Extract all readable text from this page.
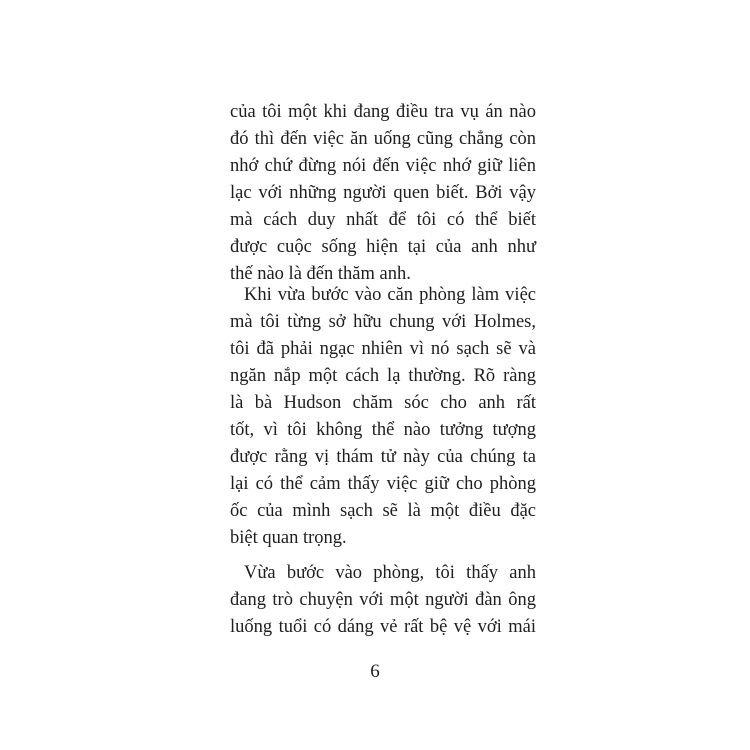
của tôi một khi đang điều tra vụ án nào
đó thì đến việc ăn uống cũng chẳng còn
nhớ chứ đừng nói đến việc nhớ giữ liên
lạc với những người quen biết. Bởi vậy
mà cách duy nhất để tôi có thể biết
được cuộc sống hiện tại của anh như
thế nào là đến thăm anh.
Khi vừa bước vào căn phòng làm việc
mà tôi từng sở hữu chung với Holmes,
tôi đã phải ngạc nhiên vì nó sạch sẽ và
ngăn nắp một cách lạ thường. Rõ ràng
là bà Hudson chăm sóc cho anh rất
tốt, vì tôi không thể nào tưởng tượng
được rằng vị thám tử này của chúng ta
lại có thể cảm thấy việc giữ cho phòng
ốc của mình sạch sẽ là một điều đặc
biệt quan trọng.
Vừa bước vào phòng, tôi thấy anh
đang trò chuyện với một người đàn ông
luống tuổi có dáng vẻ rất bệ vệ với mái
6
